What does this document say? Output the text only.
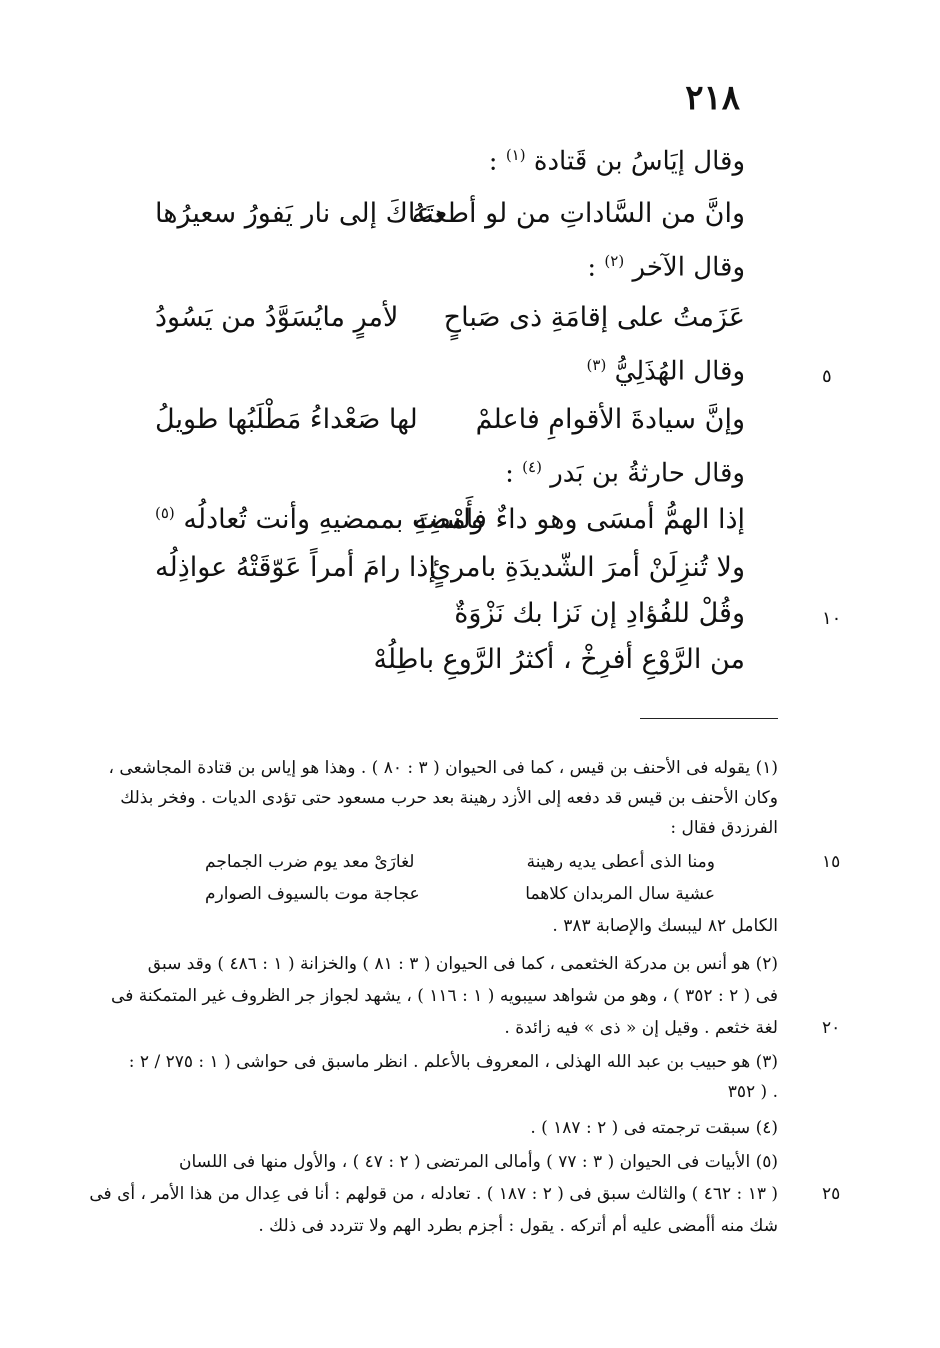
٢١٨
وقال إيَاسُ بن قَتادة $^{(١)}$ :
وانَّ من السَّاداتِ من لو أطعتَهُ
دعاكَ إلى نار يَفورُ سعيرُها
وقال الآخر $^{(٢)}$ :
عَزَمتُ على إقامَةِ ذى صَباحٍ
لأمرٍ مايُسَوَّدُ من يَسُودُ
وقال الهُذَلِيُّ $^{(٣)}$
٥
وإنَّ سيادةَ الأقوامِ فاعلمْ
لها صَعْداءُ مَطْلَبُها طويلُ
وقال حارثةُ بن بَدر $^{(٤)}$ :
إذا الهمُّ أمسَى وهو داءٌ فأَمْضِهِ
ولستَ بممضيهِ وأنت تُعادلُه $^{(٥)}$
ولا تُنزِلَنْ أمرَ الشّديدَةِ بامرئٍ
إذا رامَ أمراً عَوّقَتْهُ عواذِلُه
وقُلْ للفُؤادِ إن نَزا بك نَزْوَةٌ	١٠
من الرَّوْعِ أفرِخْ ، أكثرُ الرَّوعِ باطِلُهْ
(١) يقوله فى الأحنف بن قيس ، كما فى الحيوان ( ٣ : ٨٠ ) . وهذا هو إياس بن قتادة المجاشعى ،
وكان الأحنف بن قيس قد دفعه إلى الأزد رهينة بعد حرب مسعود حتى تؤدى الديات . وفخر بذلك
الفرزدق فقال :
ومنا الذى أعطى يديه رهينة
لغارَىْ معد يوم ضرب الجماجم	١٥
عشية سال المربدان كلاهما
عجاجة موت بالسيوف الصوارم
الكامل ٨٢ ليبسك والإصابة ٣٨٣ .
(٢) هو أنس بن مدركة الخثعمى ، كما فى الحيوان ( ٣ : ٨١ ) والخزانة ( ١ : ٤٨٦ ) وقد سبق
فى ( ٢ : ٣٥٢ ) ، وهو من شواهد سيبويه ( ١ : ١١٦ ) ، يشهد لجواز جر الظروف غير المتمكنة فى
لغة خثعم . وقيل إن « ذى » فيه زائدة .	٢٠
(٣) هو حبيب بن عبد الله الهذلى ، المعروف بالأعلم . انظر ماسبق فى حواشى ( ١ : ٢٧٥ / ٢ :
٣٥٢ ) .
(٤) سبقت ترجمته فى ( ٢ : ١٨٧ ) .
(٥) الأبيات فى الحيوان ( ٣ : ٧٧ ) وأمالى المرتضى ( ٢ : ٤٧ ) ، والأول منها فى اللسان
( ١٣ : ٤٦٢ ) والثالث سبق فى ( ٢ : ١٨٧ ) . تعادله ، من قولهم : أنا فى عِدال من هذا الأمر ، أى فى	٢٥
شك منه أأمضى عليه أم أتركه . يقول : أجزم بطرد الهم ولا تتردد فى ذلك .
